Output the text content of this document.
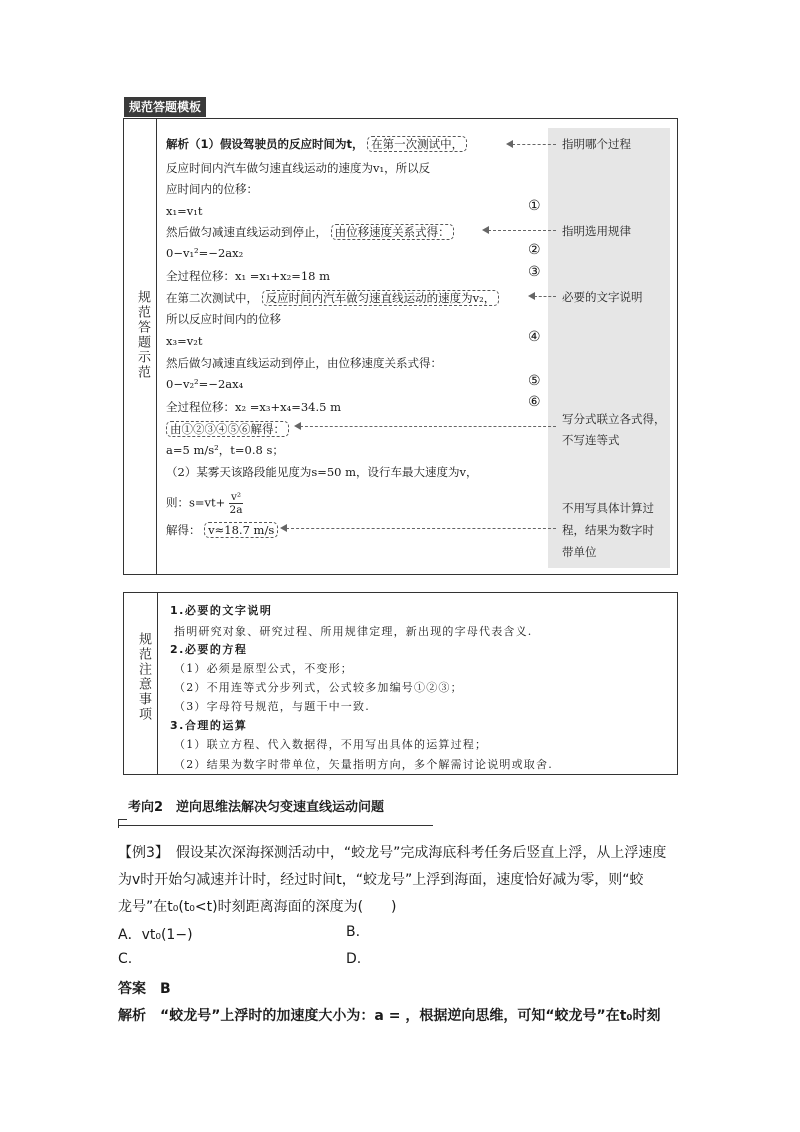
规范答题模板
规范答题示范
解析（1）假设驾驶员的反应时间为t， 在第一次测试中，
反应时间内汽车做匀速直线运动的速度为v₁，所以反
应时间内的位移：
x₁=v₁t
然后做匀减速直线运动到停止， 由位移速度关系式得：
0−v₁²=−2ax₂
全过程位移：x₁ =x₁+x₂=18 m
在第二次测试中， 反应时间内汽车做匀速直线运动的速度为v₂，
所以反应时间内的位移
x₃=v₂t
然后做匀减速直线运动到停止，由位移速度关系式得：
0−v₂²=−2ax₄
全过程位移：x₂ =x₃+x₄=34.5 m
由①②③④⑤⑥解得：
a=5 m/s²，t=0.8 s；
（2）某雾天该路段能见度为s=50 m，设行车最大速度为v，
则：$s=vt+ \frac{\text{v²}}{2a}$
解得： v≈18.7 m/s
①
②
③
④
⑤
⑥
指明哪个过程
指明选用规律
必要的文字说明
写分式联立各式得，
不写连等式
不用写具体计算过
程，结果为数字时
带单位
规范注意事项
1.必要的文字说明
指明研究对象、研究过程、所用规律定理，新出现的字母代表含义.
2.必要的方程
（1）必须是原型公式，不变形；
（2）不用连等式分步列式，公式较多加编号①②③；
（3）字母符号规范，与题干中一致.
3.合理的运算
（1）联立方程、代入数据得，不用写出具体的运算过程；
（2）结果为数字时带单位，矢量指明方向，多个解需讨论说明或取舍.
考向2　逆向思维法解决匀变速直线运动问题
【例3】　假设某次深海探测活动中，“蛟龙号”完成海底科考任务后竖直上浮，从上浮速度
为v时开始匀减速并计时，经过时间t，“蛟龙号”上浮到海面，速度恰好减为零，则“蛟
龙号”在t₀(t₀<t)时刻距离海面的深度为(　　)
A．vt₀(1−)	B.
C.	D.
答案　B
解析　“蛟龙号”上浮时的加速度大小为：a = ，根据逆向思维，可知“蛟龙号”在t₀时刻
